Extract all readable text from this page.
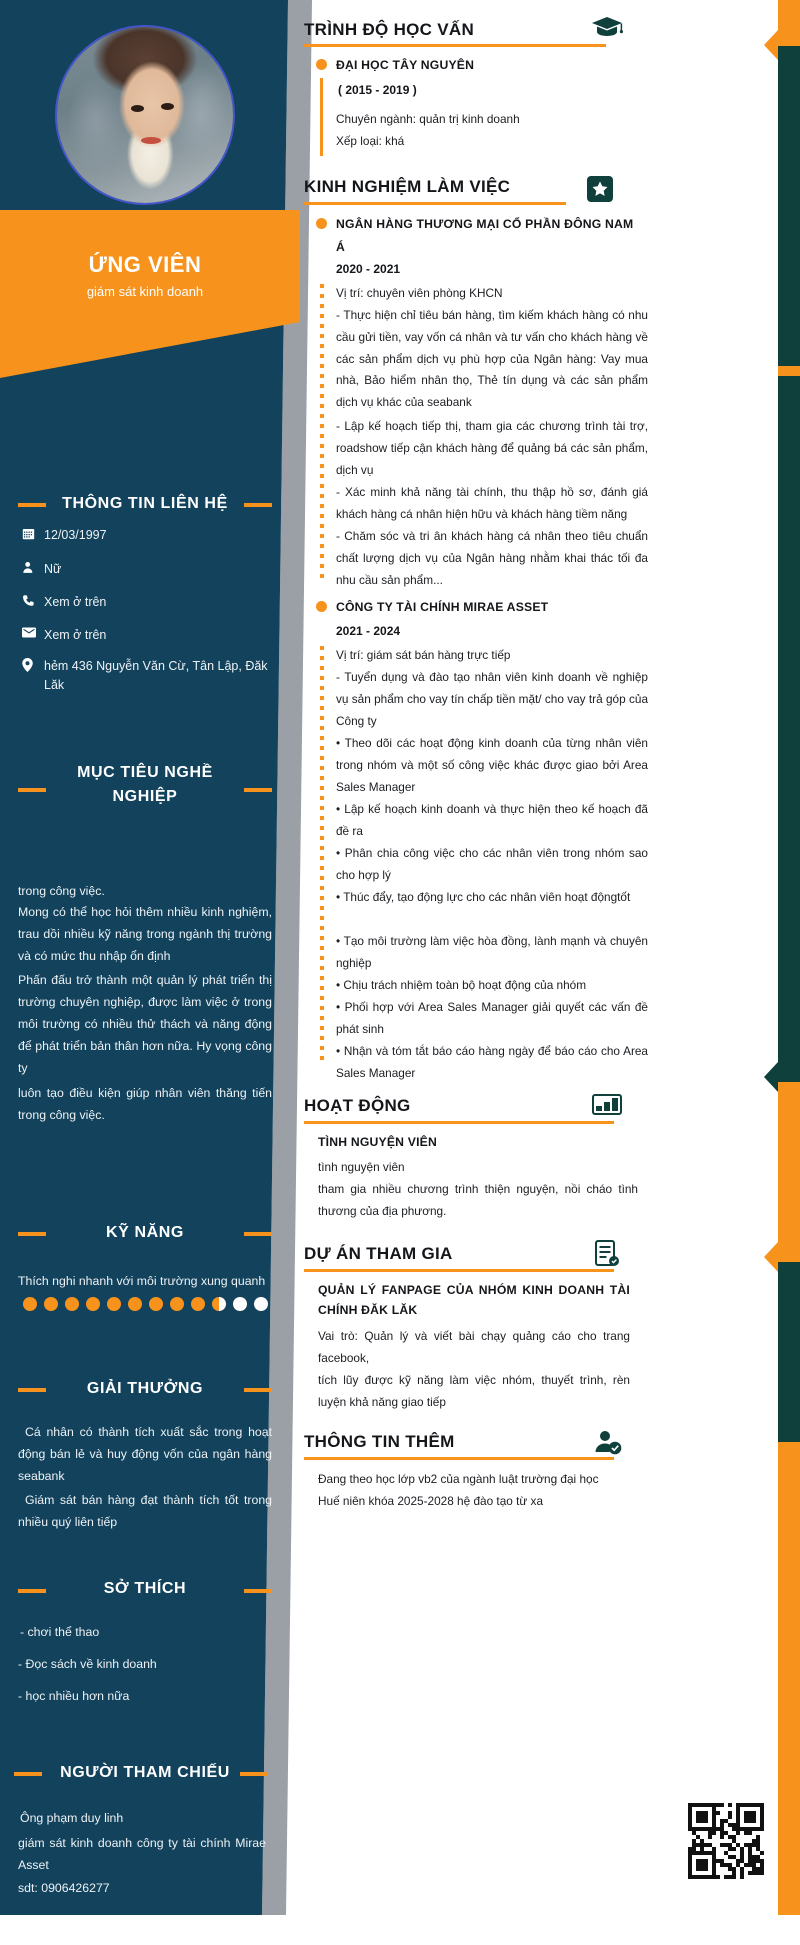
ỨNG VIÊN
giám sát kinh doanh
THÔNG TIN LIÊN HỆ
12/03/1997
Nữ
Xem ở trên
Xem ở trên
hẻm 436 Nguyễn Văn Cừ, Tân Lập, Đăk Lăk
MỤC TIÊU NGHỀ
NGHIỆP
trong công việc.
Mong có thể học hỏi thêm nhiều kinh nghiệm, trau dồi nhiều kỹ năng trong ngành thị trường và có mức thu nhập ổn định
Phấn đấu trở thành một quản lý phát triển thị trường chuyên nghiệp, được làm việc ở trong môi trường có nhiều thử thách và năng động để phát triển bản thân hơn nữa. Hy vọng công ty
luôn tạo điều kiện giúp nhân viên thăng tiến trong công việc.
KỸ NĂNG
Thích nghi nhanh với môi trường xung quanh
GIẢI THƯỞNG
Cá nhân có thành tích xuất sắc trong hoạt động bán lẻ và huy động vốn của ngân hàng seabank
Giám sát bán hàng đạt thành tích tốt trong nhiều quý liên tiếp
SỞ THÍCH
- chơi thể thao
- Đọc sách về kinh doanh
- học nhiều hơn nữa
NGƯỜI THAM CHIẾU
Ông phạm duy linh
giám sát kinh doanh công ty tài chính Mirae Asset
sdt: 0906426277
TRÌNH ĐỘ HỌC VẤN
ĐẠI HỌC TÂY NGUYÊN
( 2015 - 2019 )
Chuyên ngành: quản trị kinh doanh
Xếp loại: khá
KINH NGHIỆM LÀM VIỆC
NGÂN HÀNG THƯƠNG MẠI CỔ PHẦN ĐÔNG NAM
Á
2020 - 2021
Vị trí: chuyên viên phòng KHCN
- Thực hiện chỉ tiêu bán hàng, tìm kiếm khách hàng có nhu cầu gửi tiền, vay vốn cá nhân và tư vấn cho khách hàng về các sản phẩm dịch vụ phù hợp của Ngân hàng: Vay mua nhà, Bảo hiểm nhân thọ, Thẻ tín dụng và các sản phẩm dịch vụ khác của seabank
- Lập kế hoạch tiếp thị, tham gia các chương trình tài trợ, roadshow tiếp cận khách hàng để quảng bá các sản phẩm, dịch vụ
- Xác minh khả năng tài chính, thu thập hồ sơ, đánh giá khách hàng cá nhân hiện hữu và khách hàng tiềm năng
- Chăm sóc và tri ân khách hàng cá nhân theo tiêu chuẩn chất lượng dịch vụ của Ngân hàng nhằm khai thác tối đa nhu cầu sản phẩm...
CÔNG TY TÀI CHÍNH MIRAE ASSET
2021 - 2024
Vị trí: giám sát bán hàng trực tiếp
- Tuyển dụng và đào tạo nhân viên kinh doanh về nghiệp vụ sản phẩm cho vay tín chấp tiền mặt/ cho vay trả góp của Công ty
• Theo dõi các hoạt động kinh doanh của từng nhân viên trong nhóm và một số công việc khác được giao bởi Area Sales Manager
• Lập kế hoạch kinh doanh và thực hiện theo kế hoạch đã đề ra
• Phân chia công việc cho các nhân viên trong nhóm sao cho hợp lý
• Thúc đẩy, tạo động lực cho các nhân viên hoạt độngtốt
• Tạo môi trường làm việc hòa đồng, lành mạnh và chuyên nghiệp
• Chịu trách nhiệm toàn bộ hoạt động của nhóm
• Phối hợp với Area Sales Manager giải quyết các vấn đề phát sinh
• Nhận và tóm tắt báo cáo hàng ngày để báo cáo cho Area Sales Manager
HOẠT ĐỘNG
TÌNH NGUYỆN VIÊN
tình nguyện viên
tham gia nhiều chương trình thiện nguyện, nồi cháo tình thương của địa phương.
DỰ ÁN THAM GIA
QUẢN LÝ FANPAGE CỦA NHÓM KINH DOANH TÀI CHÍNH ĐĂK LĂK
Vai trò: Quản lý và viết bài chạy quảng cáo cho trang facebook,
tích lũy được kỹ năng làm việc nhóm, thuyết trình, rèn luyện khả năng giao tiếp
THÔNG TIN THÊM
Đang theo học lớp vb2 của ngành luật trường đại học
Huế niên khóa 2025-2028 hệ đào tạo từ xa
